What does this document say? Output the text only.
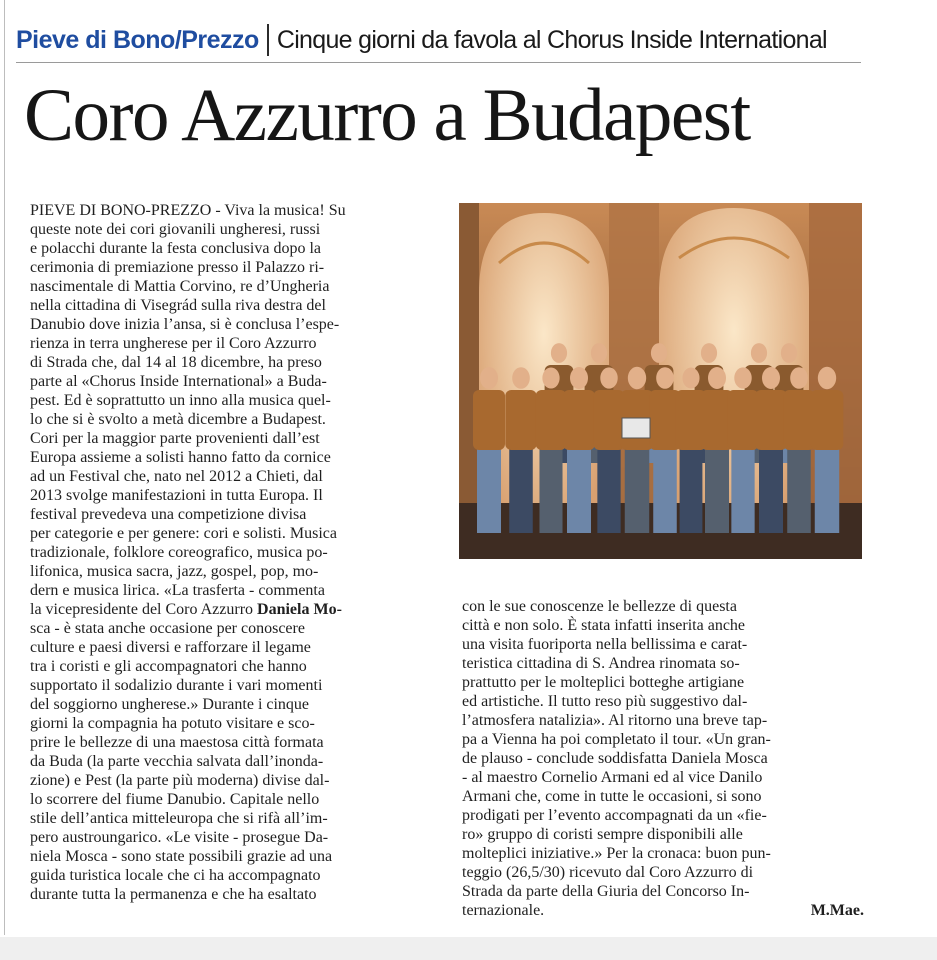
Pieve di Bono/Prezzo Cinque giorni da favola al Chorus Inside International
Coro Azzurro a Budapest
PIEVE DI BONO-PREZZO - Viva la musica! Su
queste note dei cori giovanili ungheresi, russi
e polacchi durante la festa conclusiva dopo la
cerimonia di premiazione presso il Palazzo ri-
nascimentale di Mattia Corvino, re d’Ungheria
nella cittadina di Visegrád sulla riva destra del
Danubio dove inizia l’ansa, si è conclusa l’espe-
rienza in terra ungherese per il Coro Azzurro
di Strada che, dal 14 al 18 dicembre, ha preso
parte al «Chorus Inside International» a Buda-
pest. Ed è soprattutto un inno alla musica quel-
lo che si è svolto a metà dicembre a Budapest.
Cori per la maggior parte provenienti dall’est
Europa assieme a solisti hanno fatto da cornice
ad un Festival che, nato nel 2012 a Chieti, dal
2013 svolge manifestazioni in tutta Europa. Il
festival prevedeva una competizione divisa
per categorie e per genere: cori e solisti. Musica
tradizionale, folklore coreografico, musica po-
lifonica, musica sacra, jazz, gospel, pop, mo-
dern e musica lirica. «La trasferta - commenta
la vicepresidente del Coro Azzurro Daniela Mo-
sca - è stata anche occasione per conoscere
culture e paesi diversi e rafforzare il legame
tra i coristi e gli accompagnatori che hanno
supportato il sodalizio durante i vari momenti
del soggiorno ungherese.» Durante i cinque
giorni la compagnia ha potuto visitare e sco-
prire le bellezze di una maestosa città formata
da Buda (la parte vecchia salvata dall’inonda-
zione) e Pest (la parte più moderna) divise dal-
lo scorrere del fiume Danubio. Capitale nello
stile dell’antica mitteleuropa che si rifà all’im-
pero austroungarico. «Le visite - prosegue Da-
niela Mosca - sono state possibili grazie ad una
guida turistica locale che ci ha accompagnato
durante tutta la permanenza e che ha esaltato
con le sue conoscenze le bellezze di questa
città e non solo. È stata infatti inserita anche
una visita fuoriporta nella bellissima e carat-
teristica cittadina di S. Andrea rinomata so-
prattutto per le molteplici botteghe artigiane
ed artistiche. Il tutto reso più suggestivo dal-
l’atmosfera natalizia». Al ritorno una breve tap-
pa a Vienna ha poi completato il tour. «Un gran-
de plauso - conclude soddisfatta Daniela Mosca
- al maestro Cornelio Armani ed al vice Danilo
Armani che, come in tutte le occasioni, si sono
prodigati per l’evento accompagnati da un «fie-
ro» gruppo di coristi sempre disponibili alle
molteplici iniziative.» Per la cronaca: buon pun-
teggio (26,5/30) ricevuto dal Coro Azzurro di
Strada da parte della Giuria del Concorso In-
ternazionale.	M.Mae.
